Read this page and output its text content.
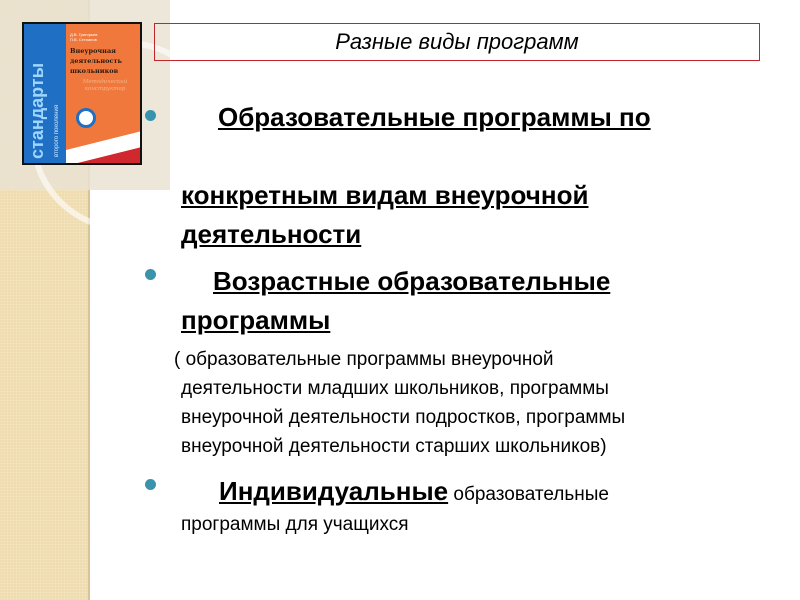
стандарты второго поколения
Д.В. Григорьев
П.В. Степанов
Внеурочная
деятельность
школьников
Методический конструктор
Разные виды программ
Образовательные программы по
конкретным видам внеурочной
деятельности
Возрастные образовательные
программы
( образовательные программы внеурочной
деятельности младших школьников, программы
внеурочной деятельности подростков, программы
внеурочной деятельности старших школьников)
Индивидуальные образовательные
программы для учащихся
